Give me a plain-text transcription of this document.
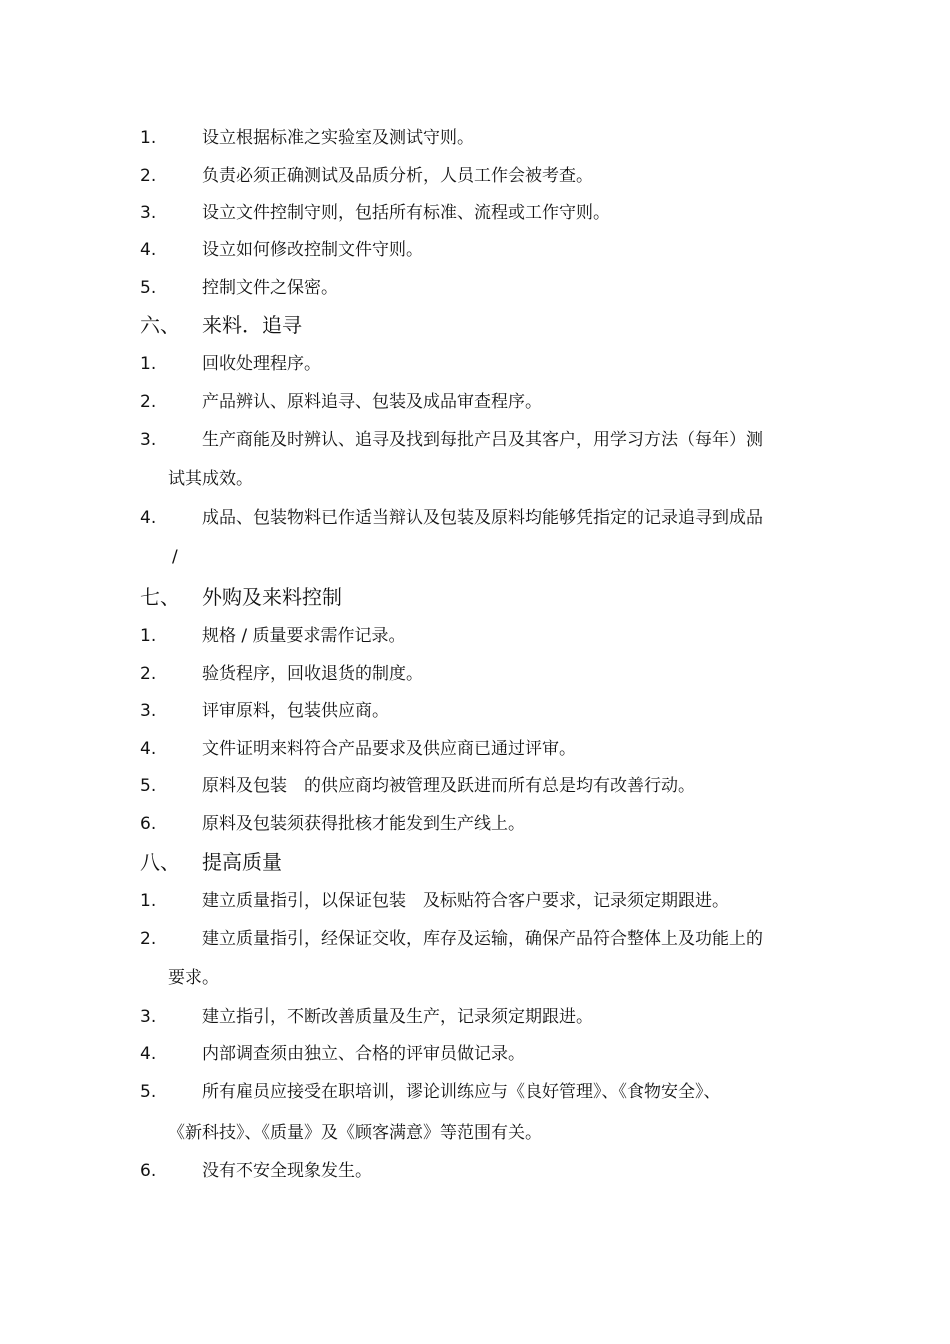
1.	设立根据标准之实验室及测试守则。
2.	负责必须正确测试及品质分析，人员工作会被考查。
3.	设立文件控制守则，包括所有标准、流程或工作守则。
4.	设立如何修改控制文件守则。
5.	控制文件之保密。
六、 来料．追寻
1.	回收处理程序。
2.	产品辨认、原料追寻、包装及成品审查程序。
3.	生产商能及时辨认、追寻及找到每批产吕及其客户，用学习方法（每年）测
试其成效。
4.	成品、包装物料已作适当辩认及包装及原料均能够凭指定的记录追寻到成品
/
七、 外购及来料控制
1.	规格 / 质量要求需作记录。
2.	验货程序，回收退货的制度。
3.	评审原料，包装供应商。
4.	文件证明来料符合产品要求及供应商已通过评审。
5.	原料及包装　的供应商均被管理及跃进而所有总是均有改善行动。
6.	原料及包装须获得批核才能发到生产线上。
八、 提高质量
1.	建立质量指引，以保证包装　及标贴符合客户要求，记录须定期跟进。
2.	建立质量指引，经保证交收，库存及运输，确保产品符合整体上及功能上的
要求。
3.	建立指引，不断改善质量及生产，记录须定期跟进。
4.	内部调查须由独立、合格的评审员做记录。
5.	所有雇员应接受在职培训，谬论训练应与《良好管理》、《食物安全》、
《新科技》、《质量》及《顾客满意》等范围有关。
6.	没有不安全现象发生。
